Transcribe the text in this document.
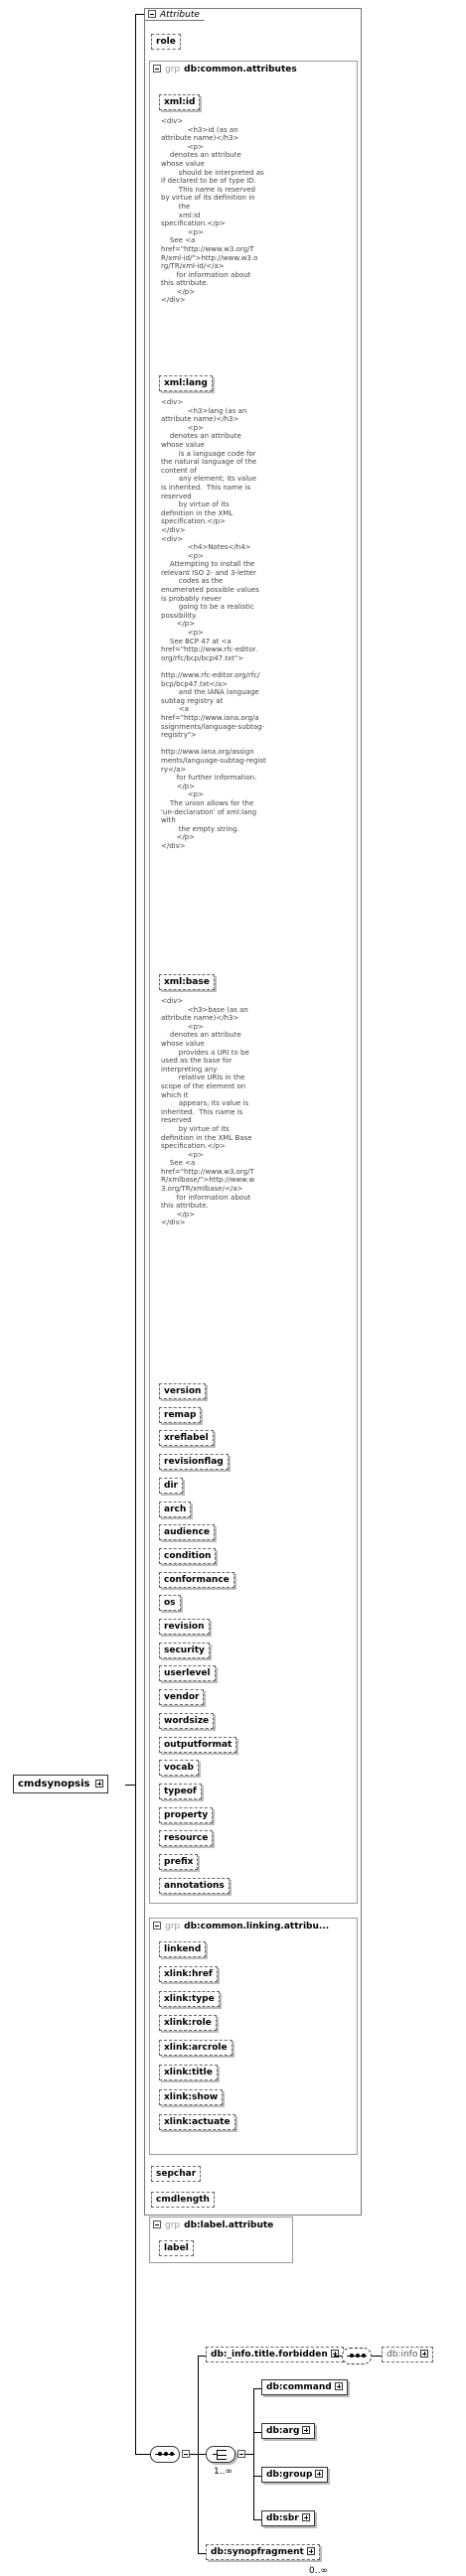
cmdsynopsis
Attribute
role
grp db:common.attributes
xml:id
<div>
<h3>id (as an
attribute name)</h3>
<p>
denotes an attribute
whose value
should be interpreted as
if declared to be of type ID.
This name is reserved
by virtue of its definition in
the
xml:id
specification.</p>
<p>
See <a
href="http://www.w3.org/T
R/xml-id/">http://www.w3.o
rg/TR/xml-id/</a>
for information about
this attribute.
</p>
</div>
xml:lang
<div>
<h3>lang (as an
attribute name)</h3>
<p>
denotes an attribute
whose value
is a language code for
the natural language of the
content of
any element; its value
is inherited.  This name is
reserved
by virtue of its
definition in the XML
specification.</p>
</div>
<div>
<h4>Notes</h4>
<p>
Attempting to install the
relevant ISO 2- and 3-letter
codes as the
enumerated possible values
is probably never
going to be a realistic
possibility.
</p>
<p>
See BCP 47 at <a
href="http://www.rfc-editor.
org/rfc/bcp/bcp47.txt">

http://www.rfc-editor.org/rfc/
bcp/bcp47.txt</a>
and the IANA language
subtag registry at
<a
href="http://www.iana.org/a
ssignments/language-subtag-
registry">

http://www.iana.org/assign
ments/language-subtag-regist
ry</a>
for further information.
</p>
<p>
The union allows for the
'un-declaration' of xml:lang
with
the empty string.
</p>
</div>
xml:base
<div>
<h3>base (as an
attribute name)</h3>
<p>
denotes an attribute
whose value
provides a URI to be
used as the base for
interpreting any
relative URIs in the
scope of the element on
which it
appears; its value is
inherited.  This name is
reserved
by virtue of its
definition in the XML Base
specification.</p>
<p>
See <a
href="http://www.w3.org/T
R/xmlbase/">http://www.w
3.org/TR/xmlbase/</a>
for information about
this attribute.
</p>
</div>
version
remap
xreflabel
revisionflag
dir
arch
audience
condition
conformance
os
revision
security
userlevel
vendor
wordsize
outputformat
vocab
typeof
property
resource
prefix
annotations
grp db:common.linking.attribu...
linkend
xlink:href
xlink:type
xlink:role
xlink:arcrole
xlink:title
xlink:show
xlink:actuate
sepchar
cmdlength
grp db:label.attribute
label
db:_info.title.forbidden	db:info
1..∞
db:command
db:arg
db:group
db:sbr
db:synopfragment
0..∞
